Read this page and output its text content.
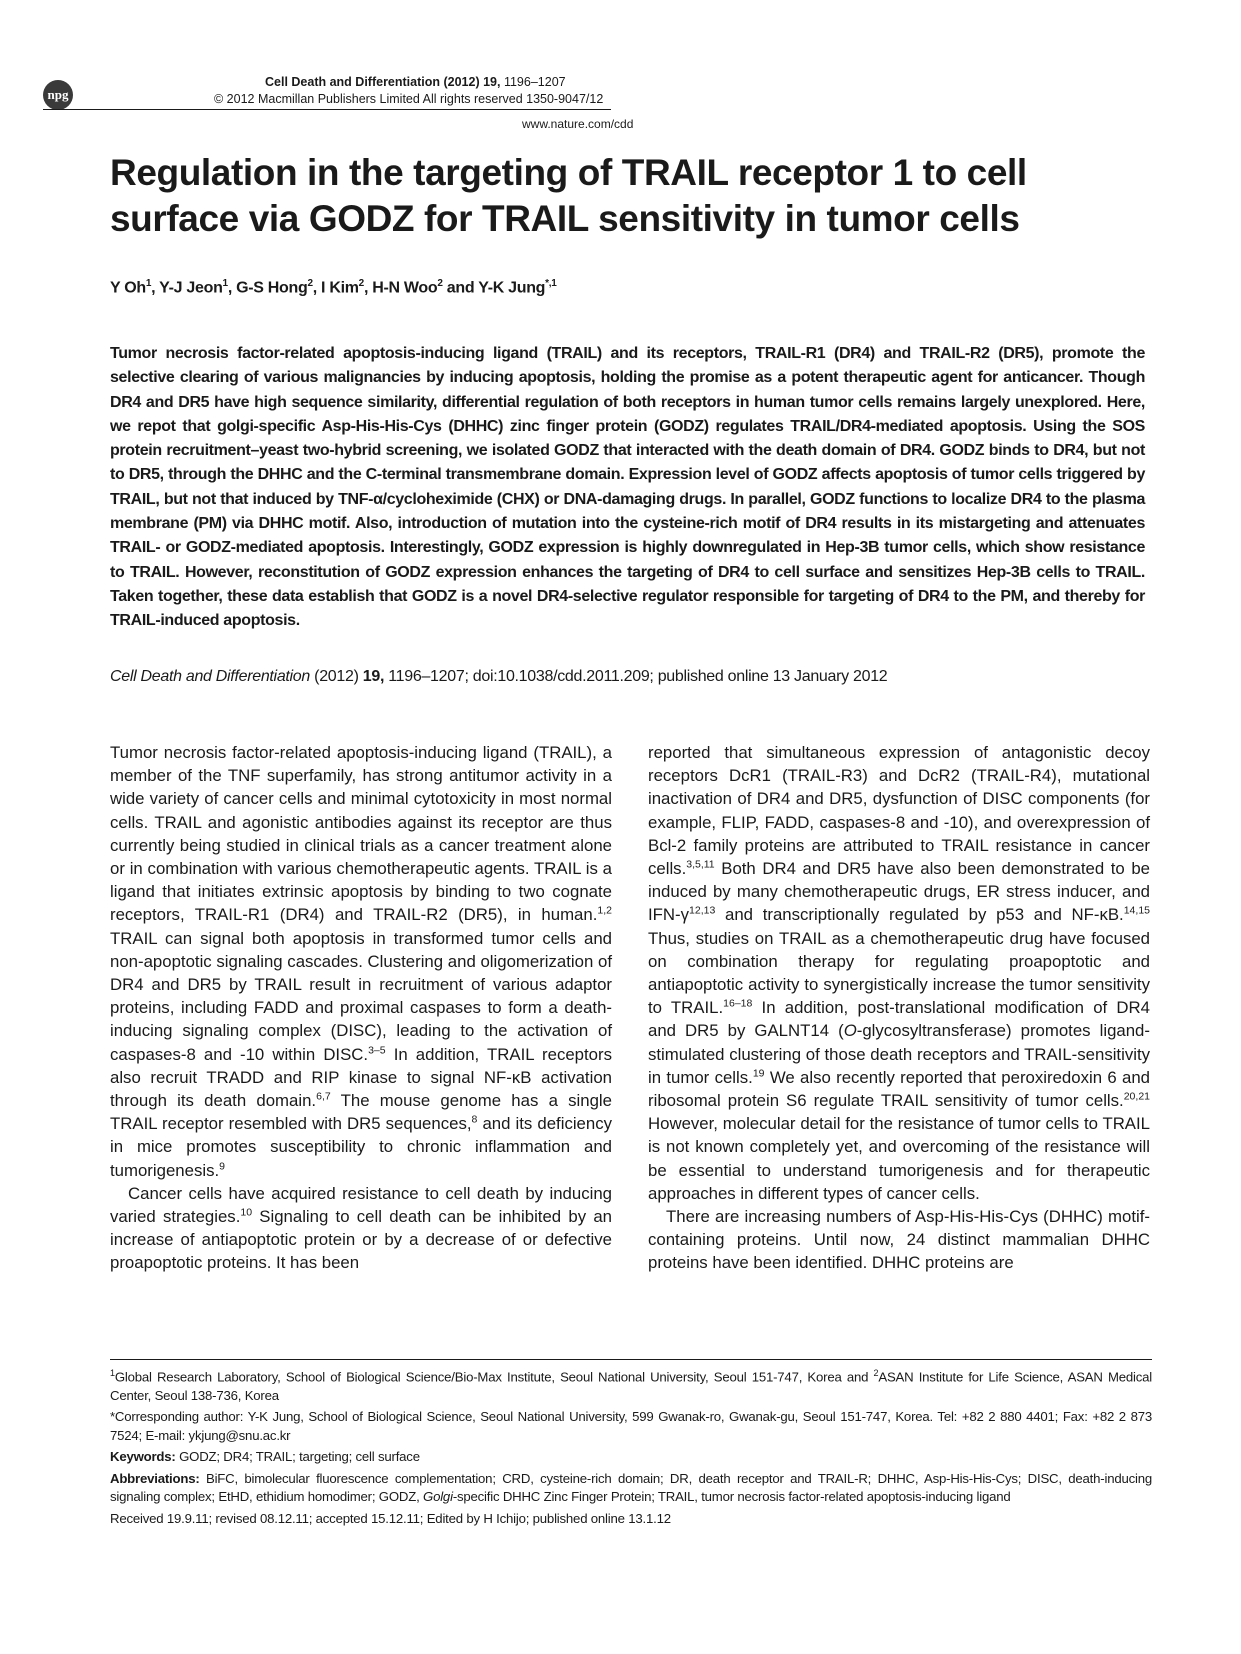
npg
Cell Death and Differentiation (2012) 19, 1196–1207
© 2012 Macmillan Publishers Limited All rights reserved 1350-9047/12
www.nature.com/cdd
Regulation in the targeting of TRAIL receptor 1 to cell surface via GODZ for TRAIL sensitivity in tumor cells
Y Oh$^1$, Y-J Jeon$^1$, G-S Hong$^2$, I Kim$^2$, H-N Woo$^2$ and Y-K Jung$^{*,1}$

Tumor necrosis factor-related apoptosis-inducing ligand (TRAIL) and its receptors, TRAIL-R1 (DR4) and TRAIL-R2 (DR5), promote the selective clearing of various malignancies by inducing apoptosis, holding the promise as a potent therapeutic agent for anticancer. Though DR4 and DR5 have high sequence similarity, differential regulation of both receptors in human tumor cells remains largely unexplored. Here, we repot that golgi-specific Asp-His-His-Cys (DHHC) zinc finger protein (GODZ) regulates TRAIL/DR4-mediated apoptosis. Using the SOS protein recruitment–yeast two-hybrid screening, we isolated GODZ that interacted with the death domain of DR4. GODZ binds to DR4, but not to DR5, through the DHHC and the C-terminal transmembrane domain. Expression level of GODZ affects apoptosis of tumor cells triggered by TRAIL, but not that induced by TNF-α/cycloheximide (CHX) or DNA-damaging drugs. In parallel, GODZ functions to localize DR4 to the plasma membrane (PM) via DHHC motif. Also, introduction of mutation into the cysteine-rich motif of DR4 results in its mistargeting and attenuates TRAIL- or GODZ-mediated apoptosis. Interestingly, GODZ expression is highly downregulated in Hep-3B tumor cells, which show resistance to TRAIL. However, reconstitution of GODZ expression enhances the targeting of DR4 to cell surface and sensitizes Hep-3B cells to TRAIL. Taken together, these data establish that GODZ is a novel DR4-selective regulator responsible for targeting of DR4 to the PM, and thereby for TRAIL-induced apoptosis.

Cell Death and Differentiation (2012) 19, 1196–1207; doi:10.1038/cdd.2011.209; published online 13 January 2012

Tumor necrosis factor-related apoptosis-inducing ligand (TRAIL), a member of the TNF superfamily, has strong antitumor activity in a wide variety of cancer cells and minimal cytotoxicity in most normal cells. TRAIL and agonistic antibodies against its receptor are thus currently being studied in clinical trials as a cancer treatment alone or in combination with various chemotherapeutic agents. TRAIL is a ligand that initiates extrinsic apoptosis by binding to two cognate receptors, TRAIL-R1 (DR4) and TRAIL-R2 (DR5), in human.$^{1,2}$ TRAIL can signal both apoptosis in transformed tumor cells and non-apoptotic signaling cascades. Clustering and oligomerization of DR4 and DR5 by TRAIL result in recruitment of various adaptor proteins, including FADD and proximal caspases to form a death-inducing signaling complex (DISC), leading to the activation of caspases-8 and -10 within DISC.$^{3-5}$ In addition, TRAIL receptors also recruit TRADD and RIP kinase to signal NF-κB activation through its death domain.$^{6,7}$ The mouse genome has a single TRAIL receptor resembled with DR5 sequences,$^8$ and its deficiency in mice promotes susceptibility to chronic inflammation and tumorigenesis.$^9$

Cancer cells have acquired resistance to cell death by inducing varied strategies.$^{10}$ Signaling to cell death can be inhibited by an increase of antiapoptotic protein or by a decrease of or defective proapoptotic proteins. It has been

reported that simultaneous expression of antagonistic decoy receptors DcR1 (TRAIL-R3) and DcR2 (TRAIL-R4), mutational inactivation of DR4 and DR5, dysfunction of DISC components (for example, FLIP, FADD, caspases-8 and -10), and overexpression of Bcl-2 family proteins are attributed to TRAIL resistance in cancer cells.$^{3,5,11}$ Both DR4 and DR5 have also been demonstrated to be induced by many chemotherapeutic drugs, ER stress inducer, and IFN-$\gamma^{12,13}$ and transcriptionally regulated by p53 and NF-κB.$^{14,15}$ Thus, studies on TRAIL as a chemotherapeutic drug have focused on combination therapy for regulating proapoptotic and antiapoptotic activity to synergistically increase the tumor sensitivity to TRAIL.$^{16-18}$ In addition, post-translational modification of DR4 and DR5 by GALNT14 (O-glycosyltransferase) promotes ligand-stimulated clustering of those death receptors and TRAIL-sensitivity in tumor cells.$^{19}$ We also recently reported that peroxiredoxin 6 and ribosomal protein S6 regulate TRAIL sensitivity of tumor cells.$^{20,21}$ However, molecular detail for the resistance of tumor cells to TRAIL is not known completely yet, and overcoming of the resistance will be essential to understand tumorigenesis and for therapeutic approaches in different types of cancer cells.

There are increasing numbers of Asp-His-His-Cys (DHHC) motif-containing proteins. Until now, 24 distinct mammalian DHHC proteins have been identified. DHHC proteins are

$^1$Global Research Laboratory, School of Biological Science/Bio-Max Institute, Seoul National University, Seoul 151-747, Korea and $^2$ASAN Institute for Life Science, ASAN Medical Center, Seoul 138-736, Korea

*Corresponding author: Y-K Jung, School of Biological Science, Seoul National University, 599 Gwanak-ro, Gwanak-gu, Seoul 151-747, Korea. Tel: +82 2 880 4401; Fax: +82 2 873 7524; E-mail: ykjung@snu.ac.kr

Keywords: GODZ; DR4; TRAIL; targeting; cell surface

Abbreviations: BiFC, bimolecular fluorescence complementation; CRD, cysteine-rich domain; DR, death receptor and TRAIL-R; DHHC, Asp-His-His-Cys; DISC, death-inducing signaling complex; EtHD, ethidium homodimer; GODZ, Golgi-specific DHHC Zinc Finger Protein; TRAIL, tumor necrosis factor-related apoptosis-inducing ligand

Received 19.9.11; revised 08.12.11; accepted 15.12.11; Edited by H Ichijo; published online 13.1.12
